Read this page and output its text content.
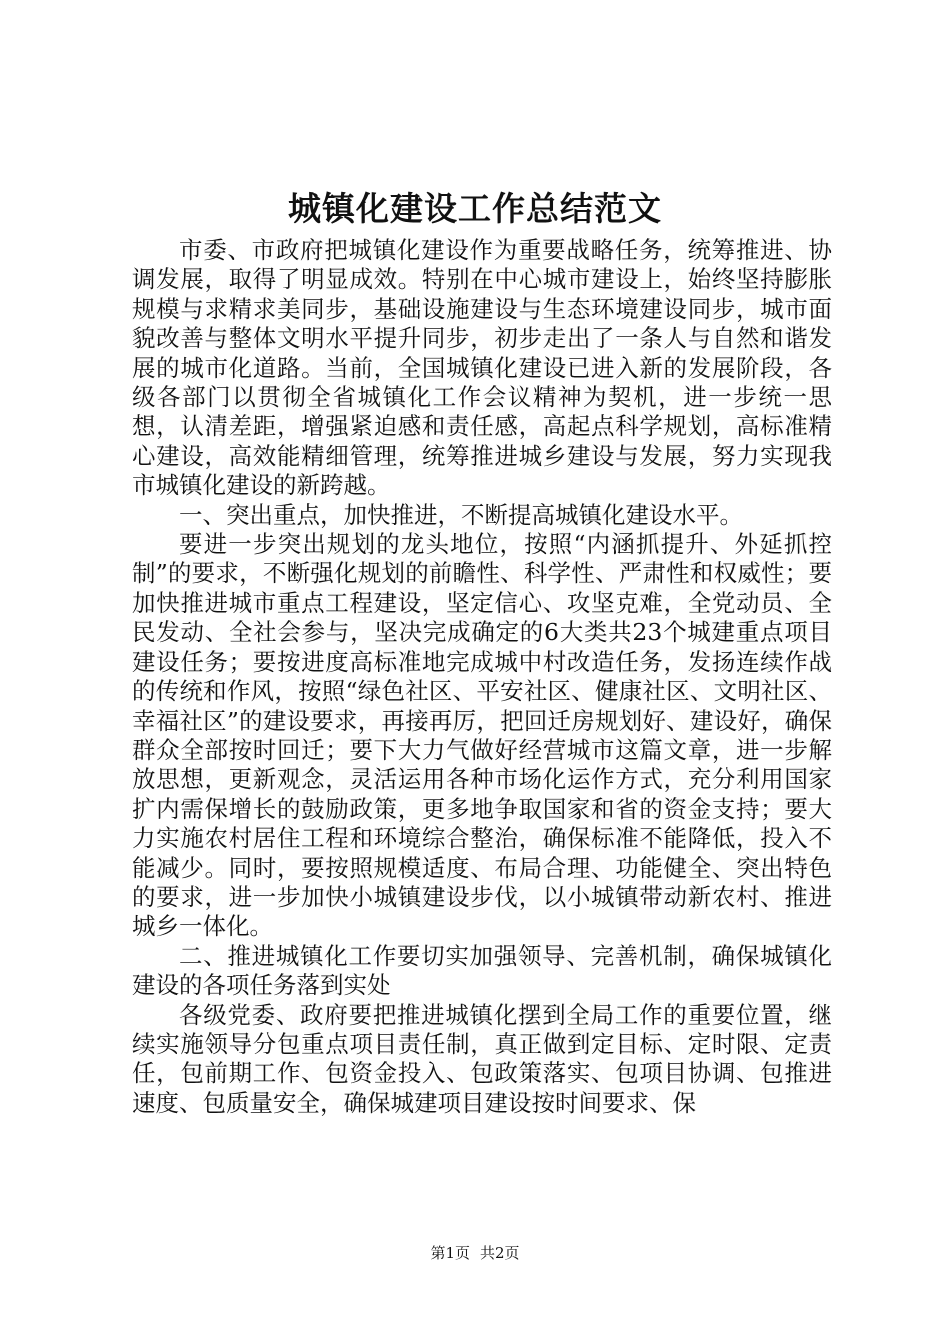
城镇化建设工作总结范文

市委、市政府把城镇化建设作为重要战略任务，统筹推进、协调发展，取得了明显成效。特别在中心城市建设上，始终坚持膨胀规模与求精求美同步，基础设施建设与生态环境建设同步，城市面貌改善与整体文明水平提升同步，初步走出了一条人与自然和谐发展的城市化道路。当前，全国城镇化建设已进入新的发展阶段，各级各部门以贯彻全省城镇化工作会议精神为契机，进一步统一思想，认清差距，增强紧迫感和责任感，高起点科学规划，高标准精心建设，高效能精细管理，统筹推进城乡建设与发展，努力实现我市城镇化建设的新跨越。

一、突出重点，加快推进，不断提高城镇化建设水平。

要进一步突出规划的龙头地位，按照“内涵抓提升、外延抓控制”的要求，不断强化规划的前瞻性、科学性、严肃性和权威性；要加快推进城市重点工程建设，坚定信心、攻坚克难，全党动员、全民发动、全社会参与，坚决完成确定的6大类共23个城建重点项目建设任务；要按进度高标准地完成城中村改造任务，发扬连续作战的传统和作风，按照“绿色社区、平安社区、健康社区、文明社区、幸福社区”的建设要求，再接再厉，把回迁房规划好、建设好，确保群众全部按时回迁；要下大力气做好经营城市这篇文章，进一步解放思想，更新观念，灵活运用各种市场化运作方式，充分利用国家扩内需保增长的鼓励政策，更多地争取国家和省的资金支持；要大力实施农村居住工程和环境综合整治，确保标准不能降低，投入不能减少。同时，要按照规模适度、布局合理、功能健全、突出特色的要求，进一步加快小城镇建设步伐，以小城镇带动新农村、推进城乡一体化。

二、推进城镇化工作要切实加强领导、完善机制，确保城镇化建设的各项任务落到实处

各级党委、政府要把推进城镇化摆到全局工作的重要位置，继续实施领导分包重点项目责任制，真正做到定目标、定时限、定责任，包前期工作、包资金投入、包政策落实、包项目协调、包推进速度、包质量安全，确保城建项目建设按时间要求、保

第1页 共2页
